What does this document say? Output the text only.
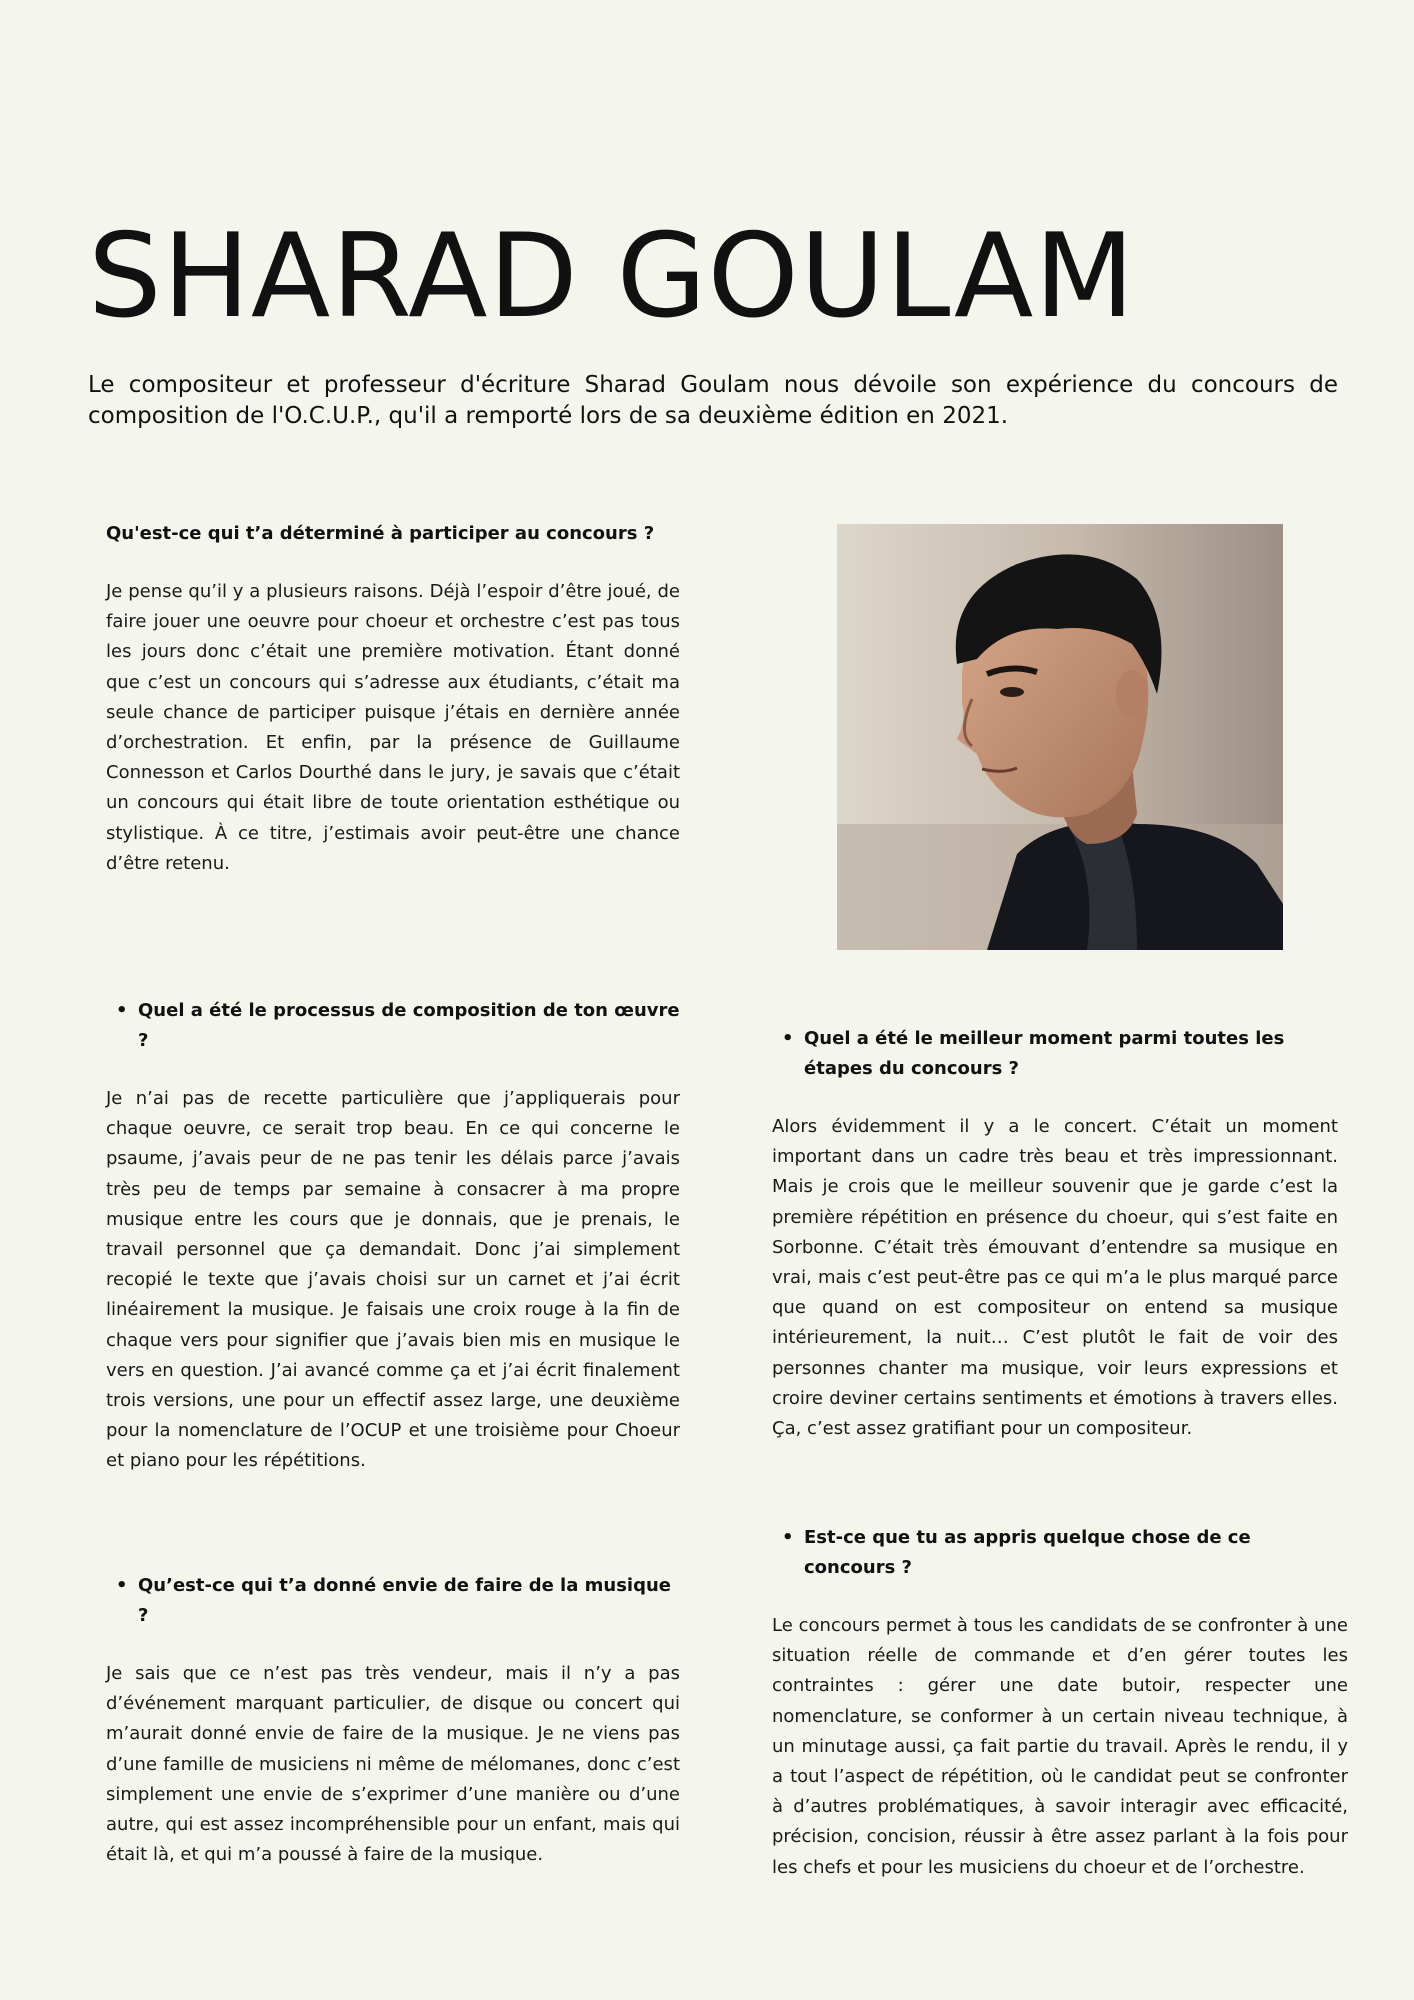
SHARAD GOULAM

Le compositeur et professeur d'écriture Sharad Goulam nous dévoile son expérience du concours de composition de l'O.C.U.P., qu'il a remporté lors de sa deuxième édition en 2021.

Qu'est-ce qui t’a déterminé à participer au concours ?

Je pense qu’il y a plusieurs raisons. Déjà l’espoir d’être joué, de faire jouer une oeuvre pour choeur et orchestre c’est pas tous les jours donc c’était une première motivation. Étant donné que c’est un concours qui s’adresse aux étudiants, c’était ma seule chance de participer puisque j’étais en dernière année d’orchestration. Et enfin, par la présence de Guillaume Connesson et Carlos Dourthé dans le jury, je savais que c’était un concours qui était libre de toute orientation esthétique ou stylistique. À ce titre, j’estimais avoir peut-être une chance d’être retenu.

• Quel a été le processus de composition de ton œuvre ?

Je n’ai pas de recette particulière que j’appliquerais pour chaque oeuvre, ce serait trop beau. En ce qui concerne le psaume, j’avais peur de ne pas tenir les délais parce j’avais très peu de temps par semaine à consacrer à ma propre musique entre les cours que je donnais, que je prenais, le travail personnel que ça demandait. Donc j’ai simplement recopié le texte que j’avais choisi sur un carnet et j’ai écrit linéairement la musique. Je faisais une croix rouge à la fin de chaque vers pour signifier que j’avais bien mis en musique le vers en question. J’ai avancé comme ça et j’ai écrit finalement trois versions, une pour un effectif assez large, une deuxième pour la nomenclature de l’OCUP et une troisième pour Choeur et piano pour les répétitions.

• Quel a été le meilleur moment parmi toutes les étapes du concours ?

Alors évidemment il y a le concert. C’était un moment important dans un cadre très beau et très impressionnant. Mais je crois que le meilleur souvenir que je garde c’est la première répétition en présence du choeur, qui s’est faite en Sorbonne. C’était très émouvant d’entendre sa musique en vrai, mais c’est peut-être pas ce qui m’a le plus marqué parce que quand on est compositeur on entend sa musique intérieurement, la nuit… C’est plutôt le fait de voir des personnes chanter ma musique, voir leurs expressions et croire deviner certains sentiments et émotions à travers elles. Ça, c’est assez gratifiant pour un compositeur.

• Est-ce que tu as appris quelque chose de ce concours ?

Le concours permet à tous les candidats de se confronter à une situation réelle de commande et d’en gérer toutes les contraintes : gérer une date butoir, respecter une nomenclature, se conformer à un certain niveau technique, à un minutage aussi, ça fait partie du travail. Après le rendu, il y a tout l’aspect de répétition, où le candidat peut se confronter à d’autres problématiques, à savoir interagir avec efficacité, précision, concision, réussir à être assez parlant à la fois pour les chefs et pour les musiciens du choeur et de l’orchestre.

• Qu’est-ce qui t’a donné envie de faire de la musique ?

Je sais que ce n’est pas très vendeur, mais il n’y a pas d’événement marquant particulier, de disque ou concert qui m’aurait donné envie de faire de la musique. Je ne viens pas d’une famille de musiciens ni même de mélomanes, donc c’est simplement une envie de s’exprimer d’une manière ou d’une autre, qui est assez incompréhensible pour un enfant, mais qui était là, et qui m’a poussé à faire de la musique.
